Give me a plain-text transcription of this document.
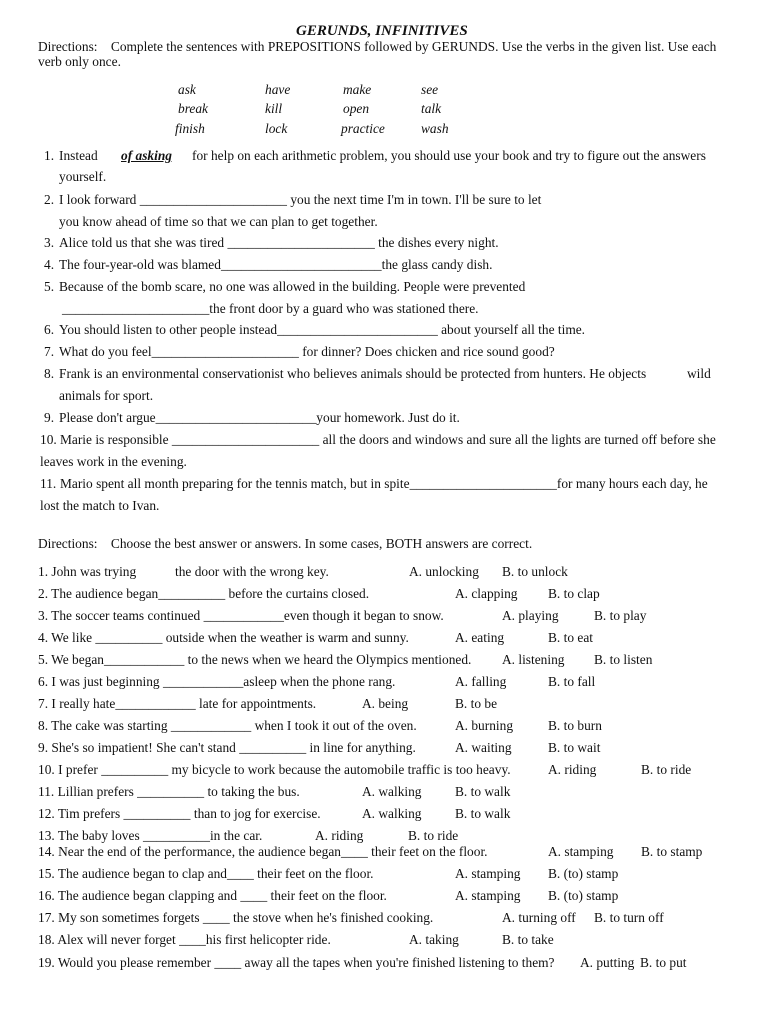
GERUNDS, INFINITIVES
Directions: Complete the sentences with PREPOSITIONS followed by GERUNDS. Use the verbs in the given list. Use each
verb only once.
ask	have	make	see
break	kill	open	talk
finish	lock	practice	wash
1. Instead of asking for help on each arithmetic problem, you should use your book and try to figure out the answers
yourself.
2. I look forward ______________________ you the next time I'm in town. I'll be sure to let
you know ahead of time so that we can plan to get together.
3. Alice told us that she was tired ______________________ the dishes every night.
4. The four-year-old was blamed________________________the glass candy dish.
5. Because of the bomb scare, no one was allowed in the building. People were prevented
______________________the front door by a guard who was stationed there.
6. You should listen to other people instead________________________ about yourself all the time.
7. What do you feel______________________ for dinner? Does chicken and rice sound good?
8. Frank is an environmental conservationist who believes animals should be protected from hunters. He objects	wild
animals for sport.
9. Please don't argue________________________your homework. Just do it.
10. Marie is responsible ______________________ all the doors and windows and sure all the lights are turned off before she
leaves work in the evening.
11. Mario spent all month preparing for the tennis match, but in spite______________________for many hours each day, he
lost the match to Ivan.
Directions: Choose the best answer or answers. In some cases, BOTH answers are correct.
1. John was trying	the door with the wrong key.	A. unlocking B. to unlock
2. The audience began__________ before the curtains closed.	A. clapping B. to clap
3. The soccer teams continued ____________even though it began to snow.	A. playing	B. to play
4. We like __________ outside when the weather is warm and sunny.	A. eating	B. to eat
5. We began____________ to the news when we heard the Olympics mentioned. A. listening B. to listen
6. I was just beginning ____________asleep when the phone rang.	A. falling	B. to fall
7. I really hate____________ late for appointments.	A. being	B. to be
8. The cake was starting ____________ when I took it out of the oven.	A. burning	B. to burn
9. She's so impatient! She can't stand __________ in line for anything.	A. waiting	B. to wait
10. I prefer __________ my bicycle to work because the automobile traffic is too heavy.	A. riding	B. to ride
11. Lillian prefers __________ to taking the bus.	A. walking B. to walk
12. Tim prefers __________ than to jog for exercise.	A. walking B. to walk
13. The baby loves __________in the car.	A. riding	B. to ride
14. Near the end of the performance, the audience began____ their feet on the floor.	A. stamping B. to stamp
15. The audience began to clap and____ their feet on the floor.	A. stamping B. (to) stamp
16. The audience began clapping and ____ their feet on the floor.	A. stamping B. (to) stamp
17. My son sometimes forgets ____ the stove when he's finished cooking.	A. turning off B. to turn off
18. Alex will never forget ____his first helicopter ride.	A. taking	B. to take
19. Would you please remember ____ away all the tapes when you're finished listening to them? A. putting B. to put
